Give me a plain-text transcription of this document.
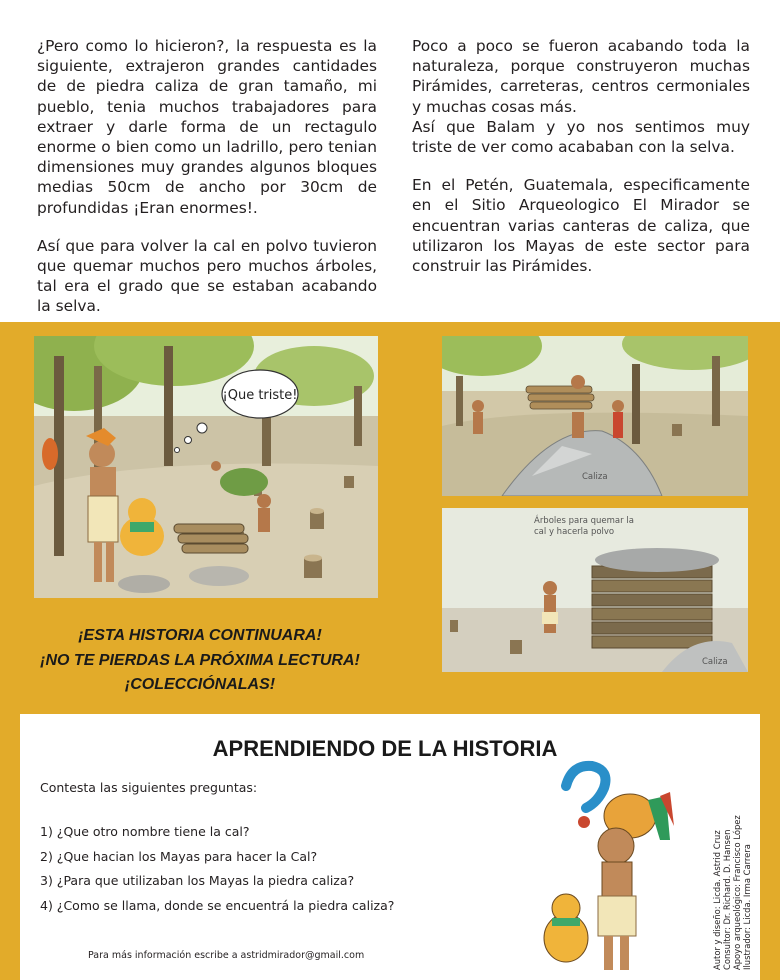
¿Pero como lo hicieron?, la respuesta es la siguiente, extrajeron grandes cantidades de de piedra caliza de gran tamaño, mi pueblo, tenia muchos trabajadores para extraer y darle forma de un rectagulo enorme o bien como un ladrillo, pero tenian dimensiones muy grandes algunos bloques medias 50cm de ancho por 30cm de profundidas ¡Eran enormes!.

Así que para volver la cal en polvo tuvieron que quemar muchos pero muchos árboles, tal era el grado que se estaban acabando la selva.

Poco a poco se fueron acabando toda la naturaleza, porque construyeron muchas Pirámides, carreteras, centros cermoniales y muchas cosas más.

Así que Balam y yo nos sentimos muy triste de ver como acababan con la selva.

En el Petén, Guatemala, especificamente en el Sitio Arqueologico El Mirador se encuentran varias canteras de caliza, que utilizaron los Mayas de este sector para construir las Pirámides.

¡Que triste!
Caliza
Árboles para quemar la
cal y hacerla polvo
Caliza
¡ESTA HISTORIA CONTINUARA!
¡NO TE PIERDAS LA PRÓXIMA LECTURA!
¡COLECCIÓNALAS!
APRENDIENDO DE LA HISTORIA
Contesta las siguientes preguntas:
1) ¿Que otro nombre tiene la cal?
2) ¿Que hacian los Mayas para hacer la Cal?
3) ¿Para que utilizaban los Mayas la piedra caliza?
4) ¿Como se llama, donde se encuentrá la piedra caliza?
Para más información escribe a astridmirador@gmail.com	Autor y diseño: Licda. Astrid Cruz Consultor: Dr. Richard. D. Hansen Apoyo arqueológico: Francisco López Ilustrador: Licda. Irma Carrera
